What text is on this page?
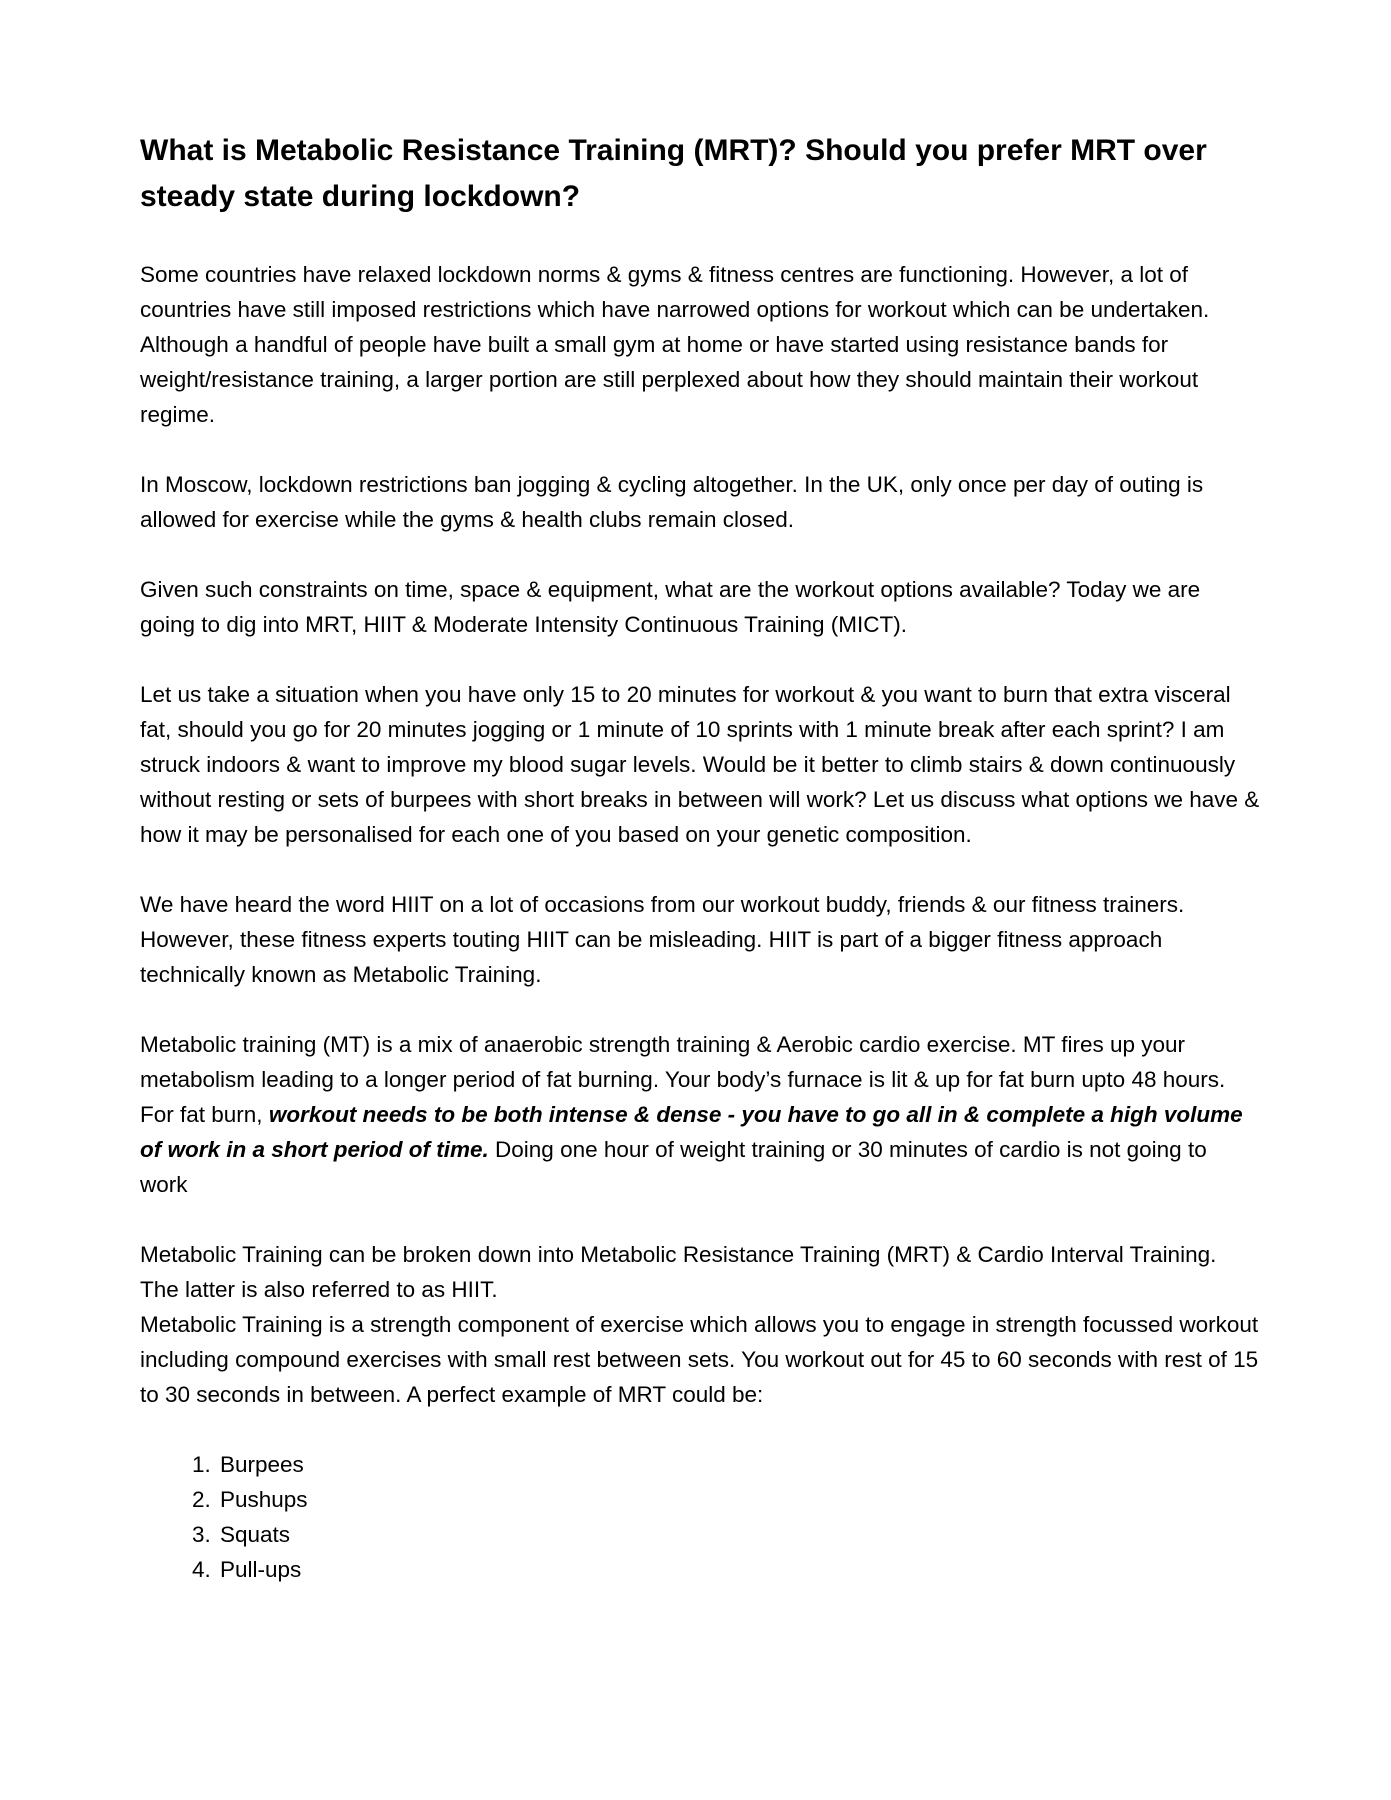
What is Metabolic Resistance Training (MRT)? Should you prefer MRT over steady state during lockdown?

Some countries have relaxed lockdown norms & gyms & fitness centres are functioning. However, a lot of countries have still imposed restrictions which have narrowed options for workout which can be undertaken. Although a handful of people have built a small gym at home or have started using resistance bands for weight/resistance training, a larger portion are still perplexed about how they should maintain their workout regime.

In Moscow, lockdown restrictions ban jogging & cycling altogether. In the UK, only once per day of outing is allowed for exercise while the gyms & health clubs remain closed.

Given such constraints on time, space & equipment, what are the workout options available? Today we are going to dig into MRT, HIIT & Moderate Intensity Continuous Training (MICT).

Let us take a situation when you have only 15 to 20 minutes for workout & you want to burn that extra visceral fat, should you go for 20 minutes jogging or 1 minute of 10 sprints with 1 minute break after each sprint? I am struck indoors & want to improve my blood sugar levels. Would be it better to climb stairs & down continuously without resting or sets of burpees with short breaks in between will work? Let us discuss what options we have & how it may be personalised for each one of you based on your genetic composition.

We have heard the word HIIT on a lot of occasions from our workout buddy, friends & our fitness trainers. However, these fitness experts touting HIIT can be misleading. HIIT is part of a bigger fitness approach technically known as Metabolic Training.

Metabolic training (MT) is a mix of anaerobic strength training & Aerobic cardio exercise. MT fires up your metabolism leading to a longer period of fat burning. Your body’s furnace is lit & up for fat burn upto 48 hours. For fat burn, workout needs to be both intense & dense - you have to go all in & complete a high volume of work in a short period of time. Doing one hour of weight training or 30 minutes of cardio is not going to work

Metabolic Training can be broken down into Metabolic Resistance Training (MRT) & Cardio Interval Training. The latter is also referred to as HIIT.

Metabolic Training is a strength component of exercise which allows you to engage in strength focussed workout including compound exercises with small rest between sets. You workout out for 45 to 60 seconds with rest of 15 to 30 seconds in between. A perfect example of MRT could be:

1. Burpees
2. Pushups
3. Squats
4. Pull-ups
